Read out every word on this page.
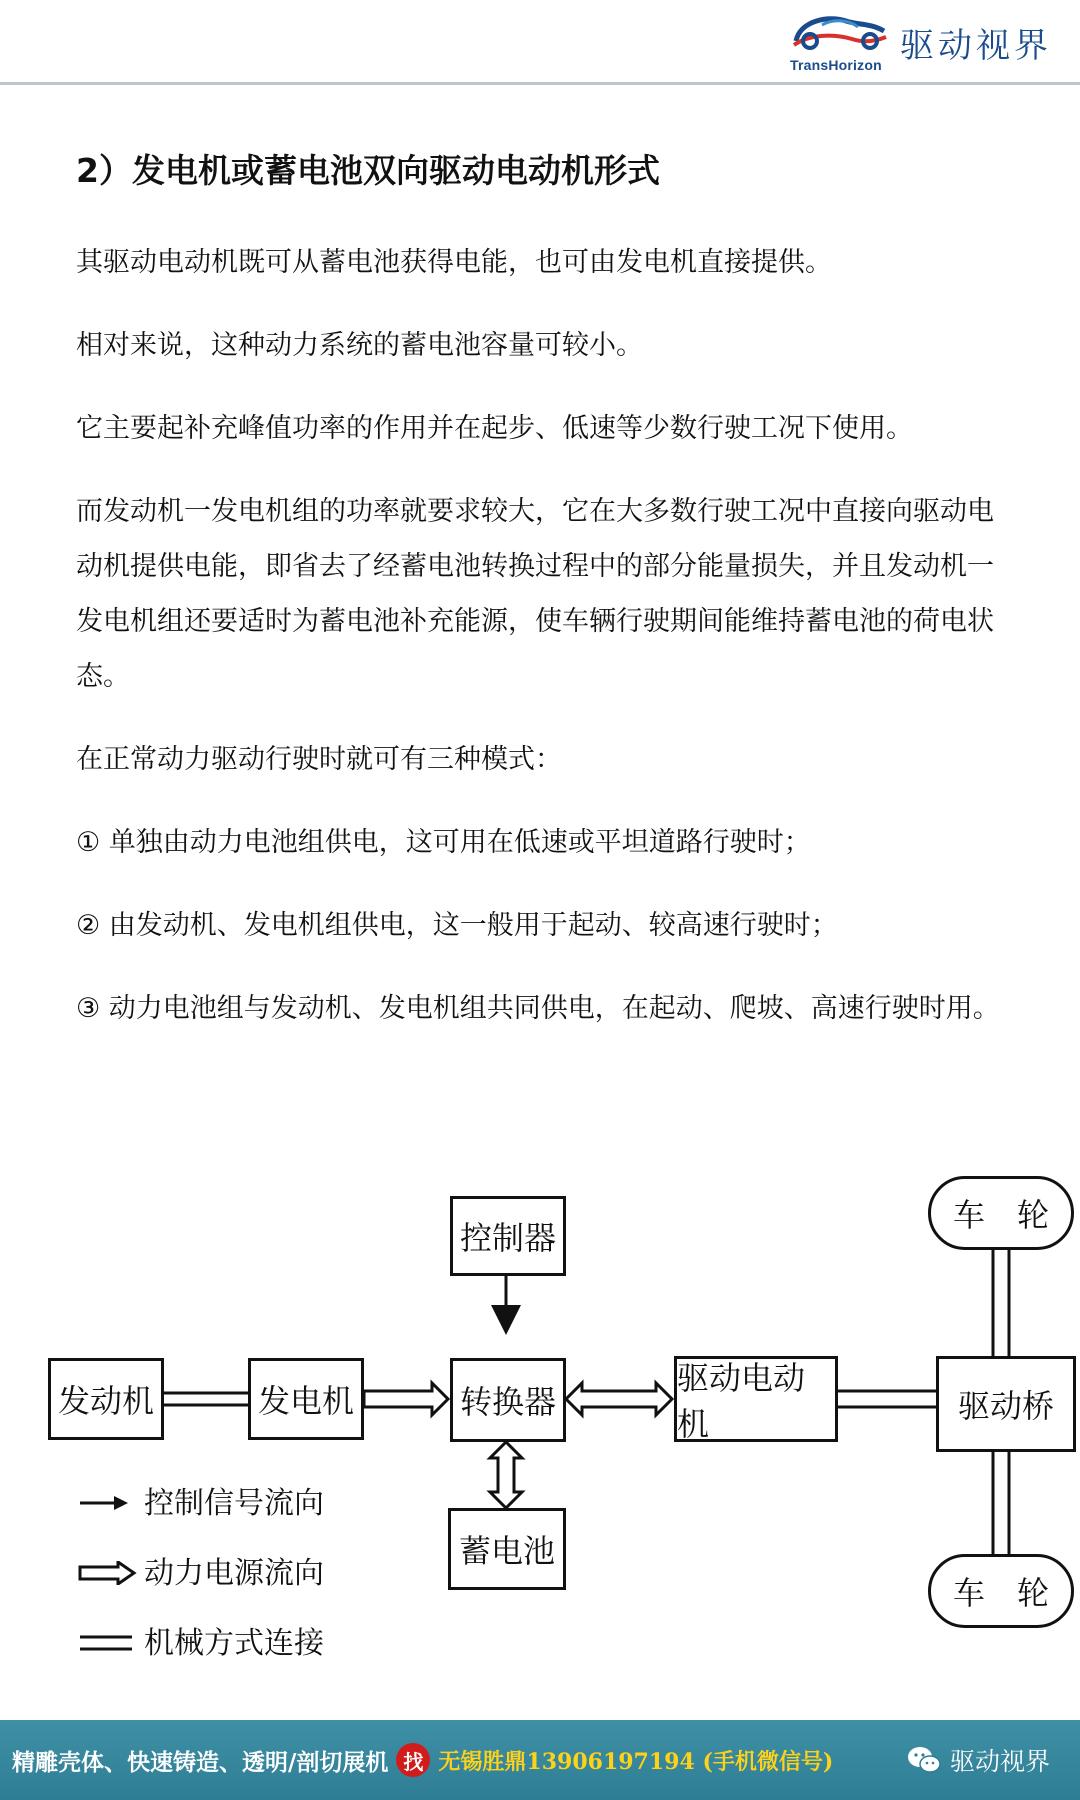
TransHorizon 驱动视界
2）发电机或蓄电池双向驱动电动机形式

其驱动电动机既可从蓄电池获得电能，也可由发电机直接提供。

相对来说，这种动力系统的蓄电池容量可较小。

它主要起补充峰值功率的作用并在起步、低速等少数行驶工况下使用。

而发动机一发电机组的功率就要求较大，它在大多数行驶工况中直接向驱动电动机提供电能，即省去了经蓄电池转换过程中的部分能量损失，并且发动机一发电机组还要适时为蓄电池补充能源，使车辆行驶期间能维持蓄电池的荷电状态。

在正常动力驱动行驶时就可有三种模式：

① 单独由动力电池组供电，这可用在低速或平坦道路行驶时；

② 由发动机、发电机组供电，这一般用于起动、较高速行驶时；

③ 动力电池组与发动机、发电机组共同供电，在起动、爬坡、高速行驶时用。

发动机	发电机
控制器
转换器
蓄电池
驱动电动机	驱动桥
车　轮
车　轮
控制信号流向
动力电源流向
机械方式连接
精雕壳体、快速铸造、透明/剖切展机 找 无锡胜鼎13906197194 (手机微信号)	驱动视界
